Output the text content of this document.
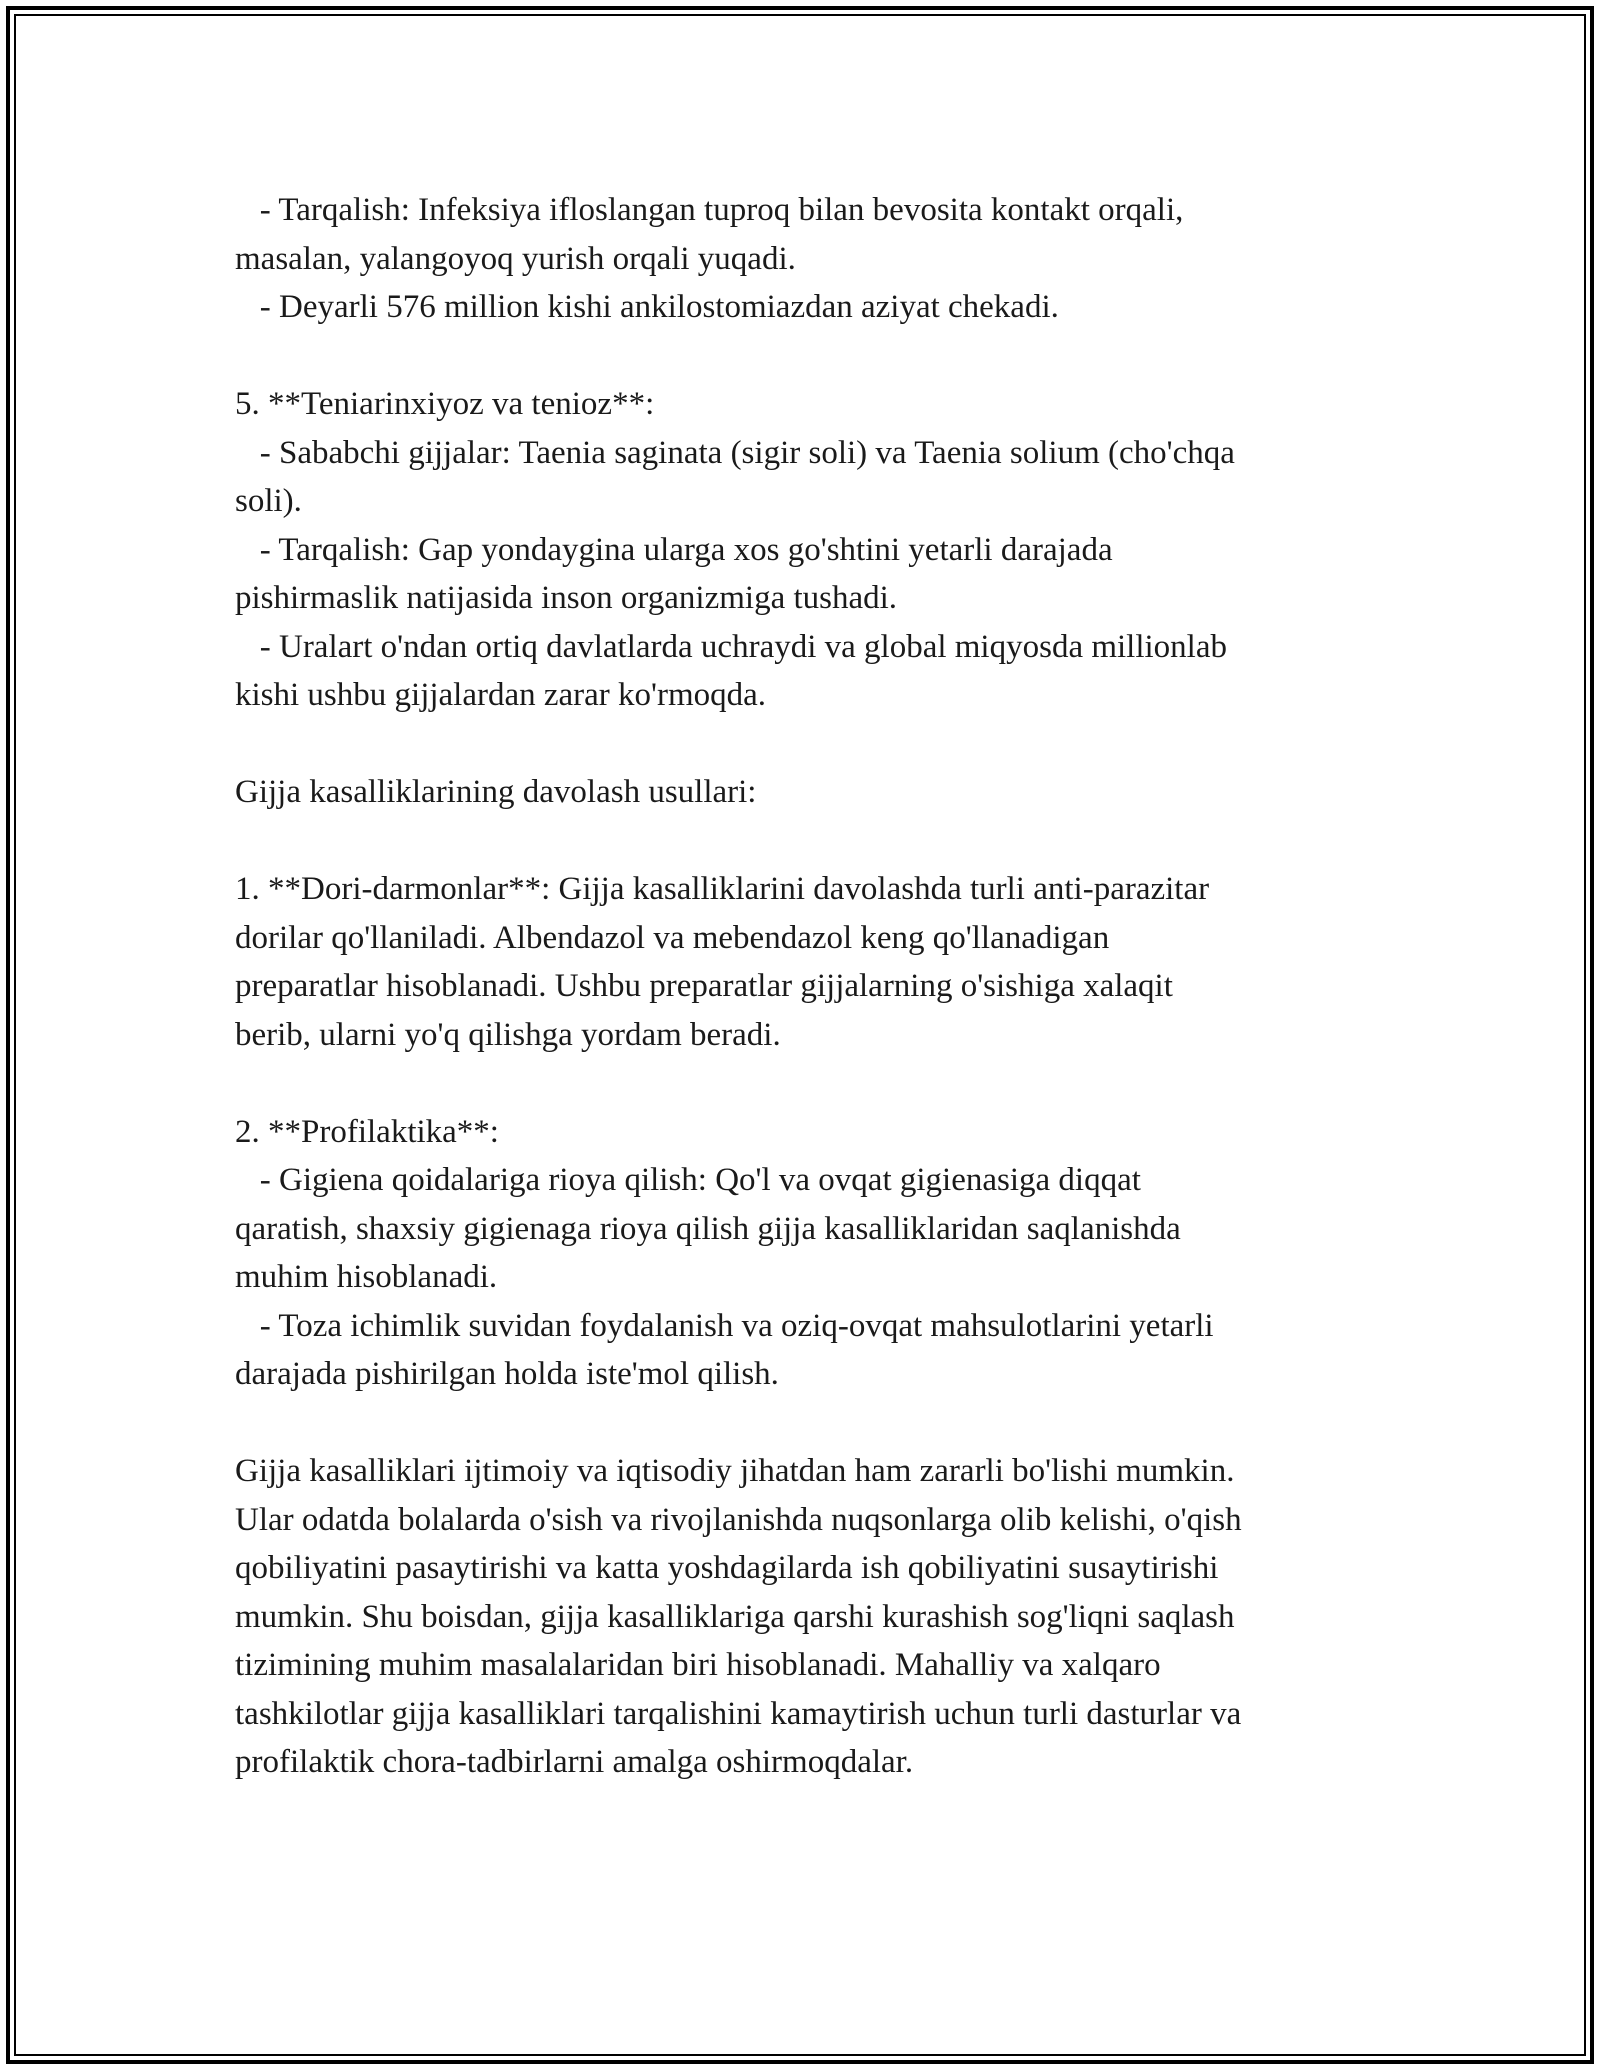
- Tarqalish: Infeksiya ifloslangan tuproq bilan bevosita kontakt orqali,
masalan, yalangoyoq yurish orqali yuqadi.
- Deyarli 576 million kishi ankilostomiazdan aziyat chekadi.
5. **Teniarinxiyoz va tenioz**:
- Sababchi gijjalar: Taenia saginata (sigir soli) va Taenia solium (cho'chqa
soli).
- Tarqalish: Gap yondaygina ularga xos go'shtini yetarli darajada
pishirmaslik natijasida inson organizmiga tushadi.
- Uralart o'ndan ortiq davlatlarda uchraydi va global miqyosda millionlab
kishi ushbu gijjalardan zarar ko'rmoqda.
Gijja kasalliklarining davolash usullari:
1. **Dori-darmonlar**: Gijja kasalliklarini davolashda turli anti-parazitar
dorilar qo'llaniladi. Albendazol va mebendazol keng qo'llanadigan
preparatlar hisoblanadi. Ushbu preparatlar gijjalarning o'sishiga xalaqit
berib, ularni yo'q qilishga yordam beradi.
2. **Profilaktika**:
- Gigiena qoidalariga rioya qilish: Qo'l va ovqat gigienasiga diqqat
qaratish, shaxsiy gigienaga rioya qilish gijja kasalliklaridan saqlanishda
muhim hisoblanadi.
- Toza ichimlik suvidan foydalanish va oziq-ovqat mahsulotlarini yetarli
darajada pishirilgan holda iste'mol qilish.
Gijja kasalliklari ijtimoiy va iqtisodiy jihatdan ham zararli bo'lishi mumkin.
Ular odatda bolalarda o'sish va rivojlanishda nuqsonlarga olib kelishi, o'qish
qobiliyatini pasaytirishi va katta yoshdagilarda ish qobiliyatini susaytirishi
mumkin. Shu boisdan, gijja kasalliklariga qarshi kurashish sog'liqni saqlash
tizimining muhim masalalaridan biri hisoblanadi. Mahalliy va xalqaro
tashkilotlar gijja kasalliklari tarqalishini kamaytirish uchun turli dasturlar va
profilaktik chora-tadbirlarni amalga oshirmoqdalar.
